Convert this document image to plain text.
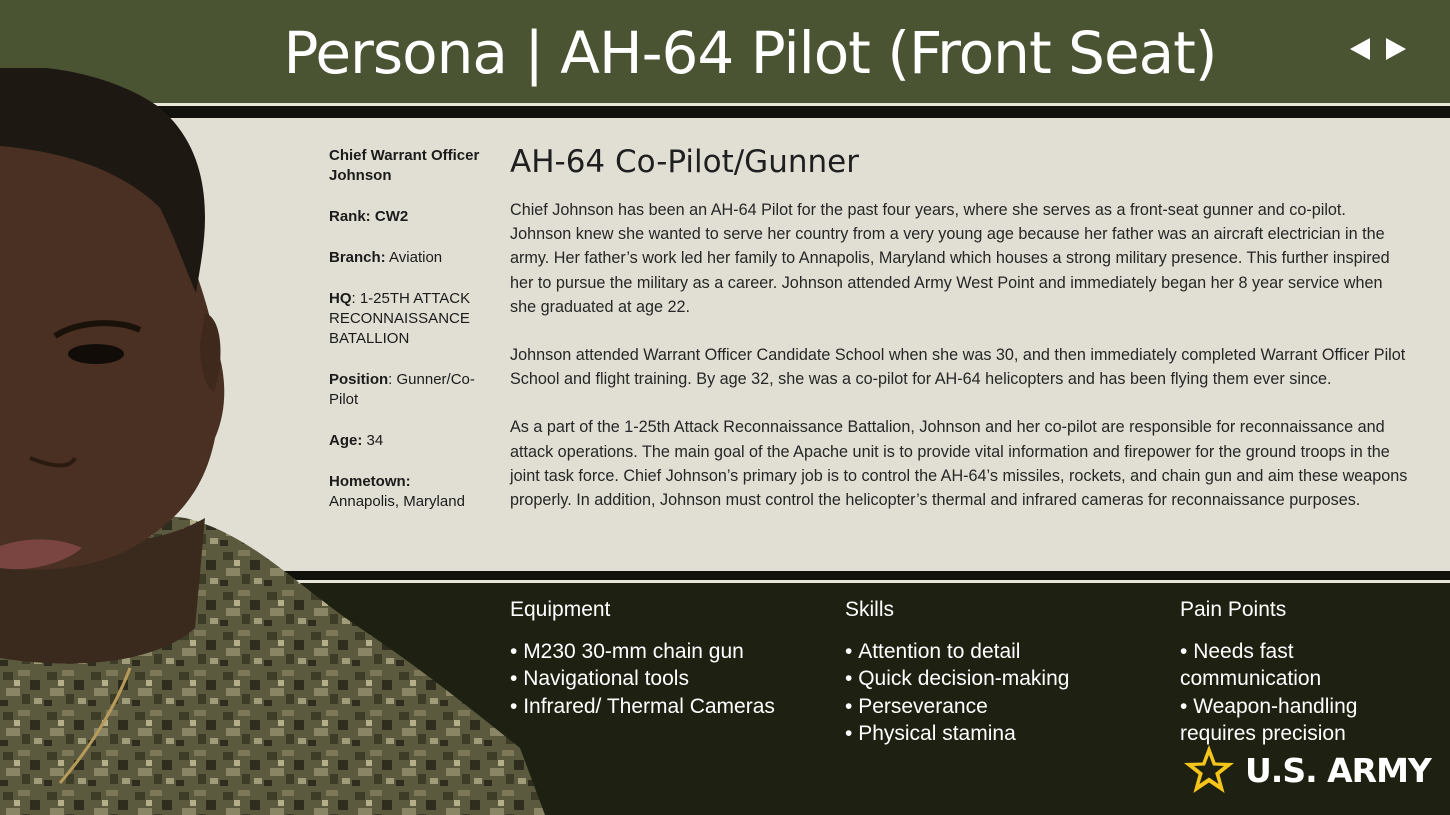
Persona | AH-64 Pilot (Front Seat)
Chief Warrant Officer Johnson
Rank: CW2
Branch: Aviation
HQ: 1-25TH ATTACK RECONNAISSANCE BATALLION
Position: Gunner/Co-Pilot
Age: 34
Hometown:
Annapolis, Maryland
AH-64 Co-Pilot/Gunner

Chief Johnson has been an AH-64 Pilot for the past four years, where she serves as a front-seat gunner and co-pilot. Johnson knew she wanted to serve her country from a very young age because her father was an aircraft electrician in the army. Her father’s work led her family to Annapolis, Maryland which houses a strong military presence. This further inspired her to pursue the military as a career. Johnson attended Army West Point and immediately began her 8 year service when she graduated at age 22.

Johnson attended Warrant Officer Candidate School when she was 30, and then immediately completed Warrant Officer Pilot School and flight training. By age 32, she was a co-pilot for AH-64 helicopters and has been flying them ever since.

As a part of the 1-25th Attack Reconnaissance Battalion, Johnson and her co-pilot are responsible for reconnaissance and attack operations. The main goal of the Apache unit is to provide vital information and firepower for the ground troops in the joint task force. Chief Johnson’s primary job is to control the AH-64’s missiles, rockets, and chain gun and aim these weapons properly. In addition, Johnson must control the helicopter’s thermal and infrared cameras for reconnaissance purposes.

Equipment
• M230 30-mm chain gun
• Navigational tools
• Infrared/ Thermal Cameras
Skills
• Attention to detail
• Quick decision-making
• Perseverance
• Physical stamina
Pain Points
• Needs fast communication
• Weapon-handling requires precision
U.S. ARMY
